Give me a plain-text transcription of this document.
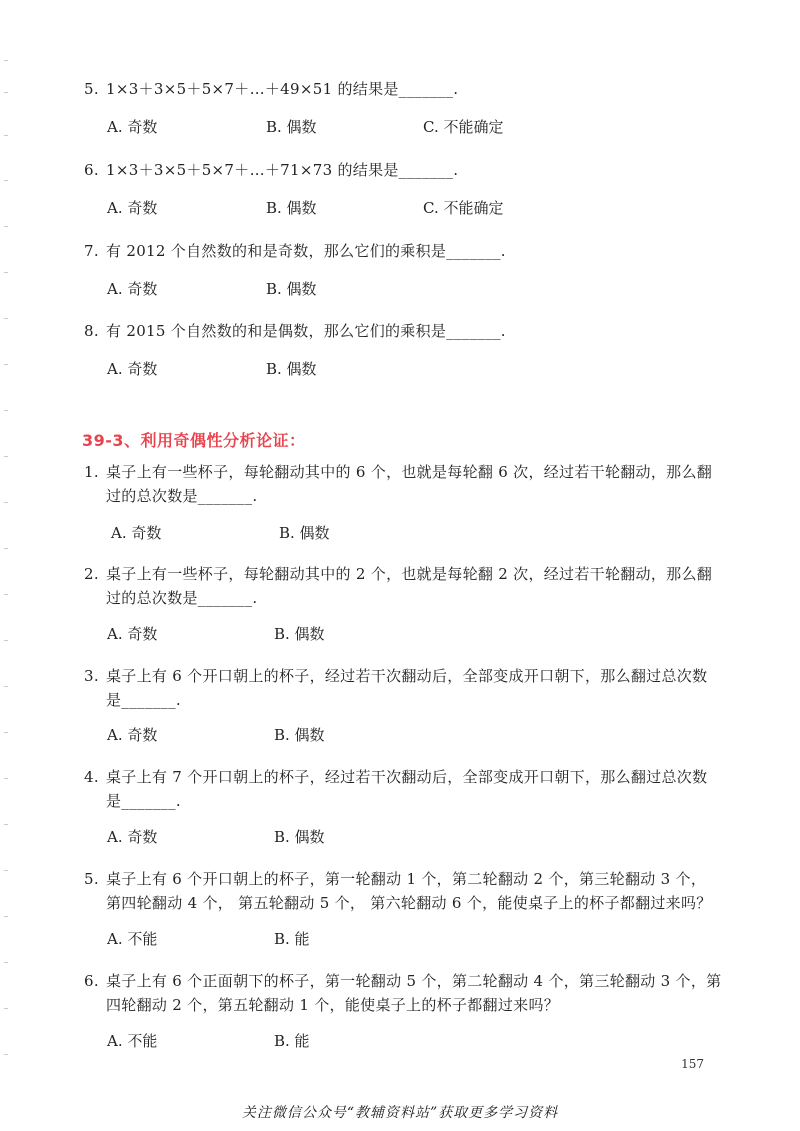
5. 1×3＋3×5＋5×7＋…＋49×51 的结果是_______.
A. 奇数	B. 偶数	C. 不能确定
6. 1×3＋3×5＋5×7＋…＋71×73 的结果是_______.
A. 奇数	B. 偶数	C. 不能确定
7. 有 2012 个自然数的和是奇数，那么它们的乘积是_______.
A. 奇数	B. 偶数
8. 有 2015 个自然数的和是偶数，那么它们的乘积是_______.
A. 奇数	B. 偶数
39-3、利用奇偶性分析论证：
1. 桌子上有一些杯子，每轮翻动其中的 6 个，也就是每轮翻 6 次，经过若干轮翻动，那么翻
过的总次数是_______.
A. 奇数	B. 偶数
2. 桌子上有一些杯子，每轮翻动其中的 2 个，也就是每轮翻 2 次，经过若干轮翻动，那么翻
过的总次数是_______.
A. 奇数	B. 偶数
3. 桌子上有 6 个开口朝上的杯子，经过若干次翻动后，全部变成开口朝下，那么翻过总次数
是_______.
A. 奇数	B. 偶数
4. 桌子上有 7 个开口朝上的杯子，经过若干次翻动后，全部变成开口朝下，那么翻过总次数
是_______.
A. 奇数	B. 偶数
5. 桌子上有 6 个开口朝上的杯子，第一轮翻动 1 个，第二轮翻动 2 个，第三轮翻动 3 个，
第四轮翻动 4 个， 第五轮翻动 5 个， 第六轮翻动 6 个，能使桌子上的杯子都翻过来吗？
A. 不能	B. 能
6. 桌子上有 6 个正面朝下的杯子，第一轮翻动 5 个，第二轮翻动 4 个，第三轮翻动 3 个，第
四轮翻动 2 个，第五轮翻动 1 个，能使桌子上的杯子都翻过来吗？
A. 不能	B. 能
157
关注微信公众号“教辅资料站”获取更多学习资料
